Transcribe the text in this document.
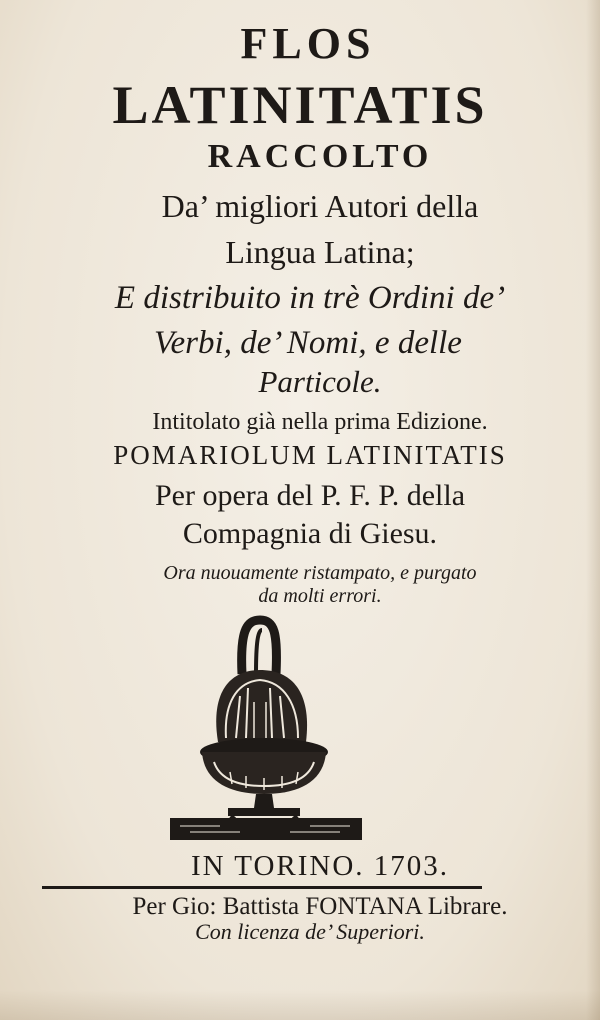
FLOS
LATINITATIS
RACCOLTO
Da’ migliori Autori della
Lingua Latina;
E distribuito in trè Ordini de’
Verbi, de’ Nomi, e delle
Particole.
Intitolato già nella prima Edizione.
POMARIOLUM LATINITATIS
Per opera del P. F. P. della
Compagnia di Giesu.
Ora nuouamente ristampato, e purgato
da molti errori.
IN TORINO. 1703.
Per Gio: Battista FONTANA Librare.
Con licenza de’ Superiori.
